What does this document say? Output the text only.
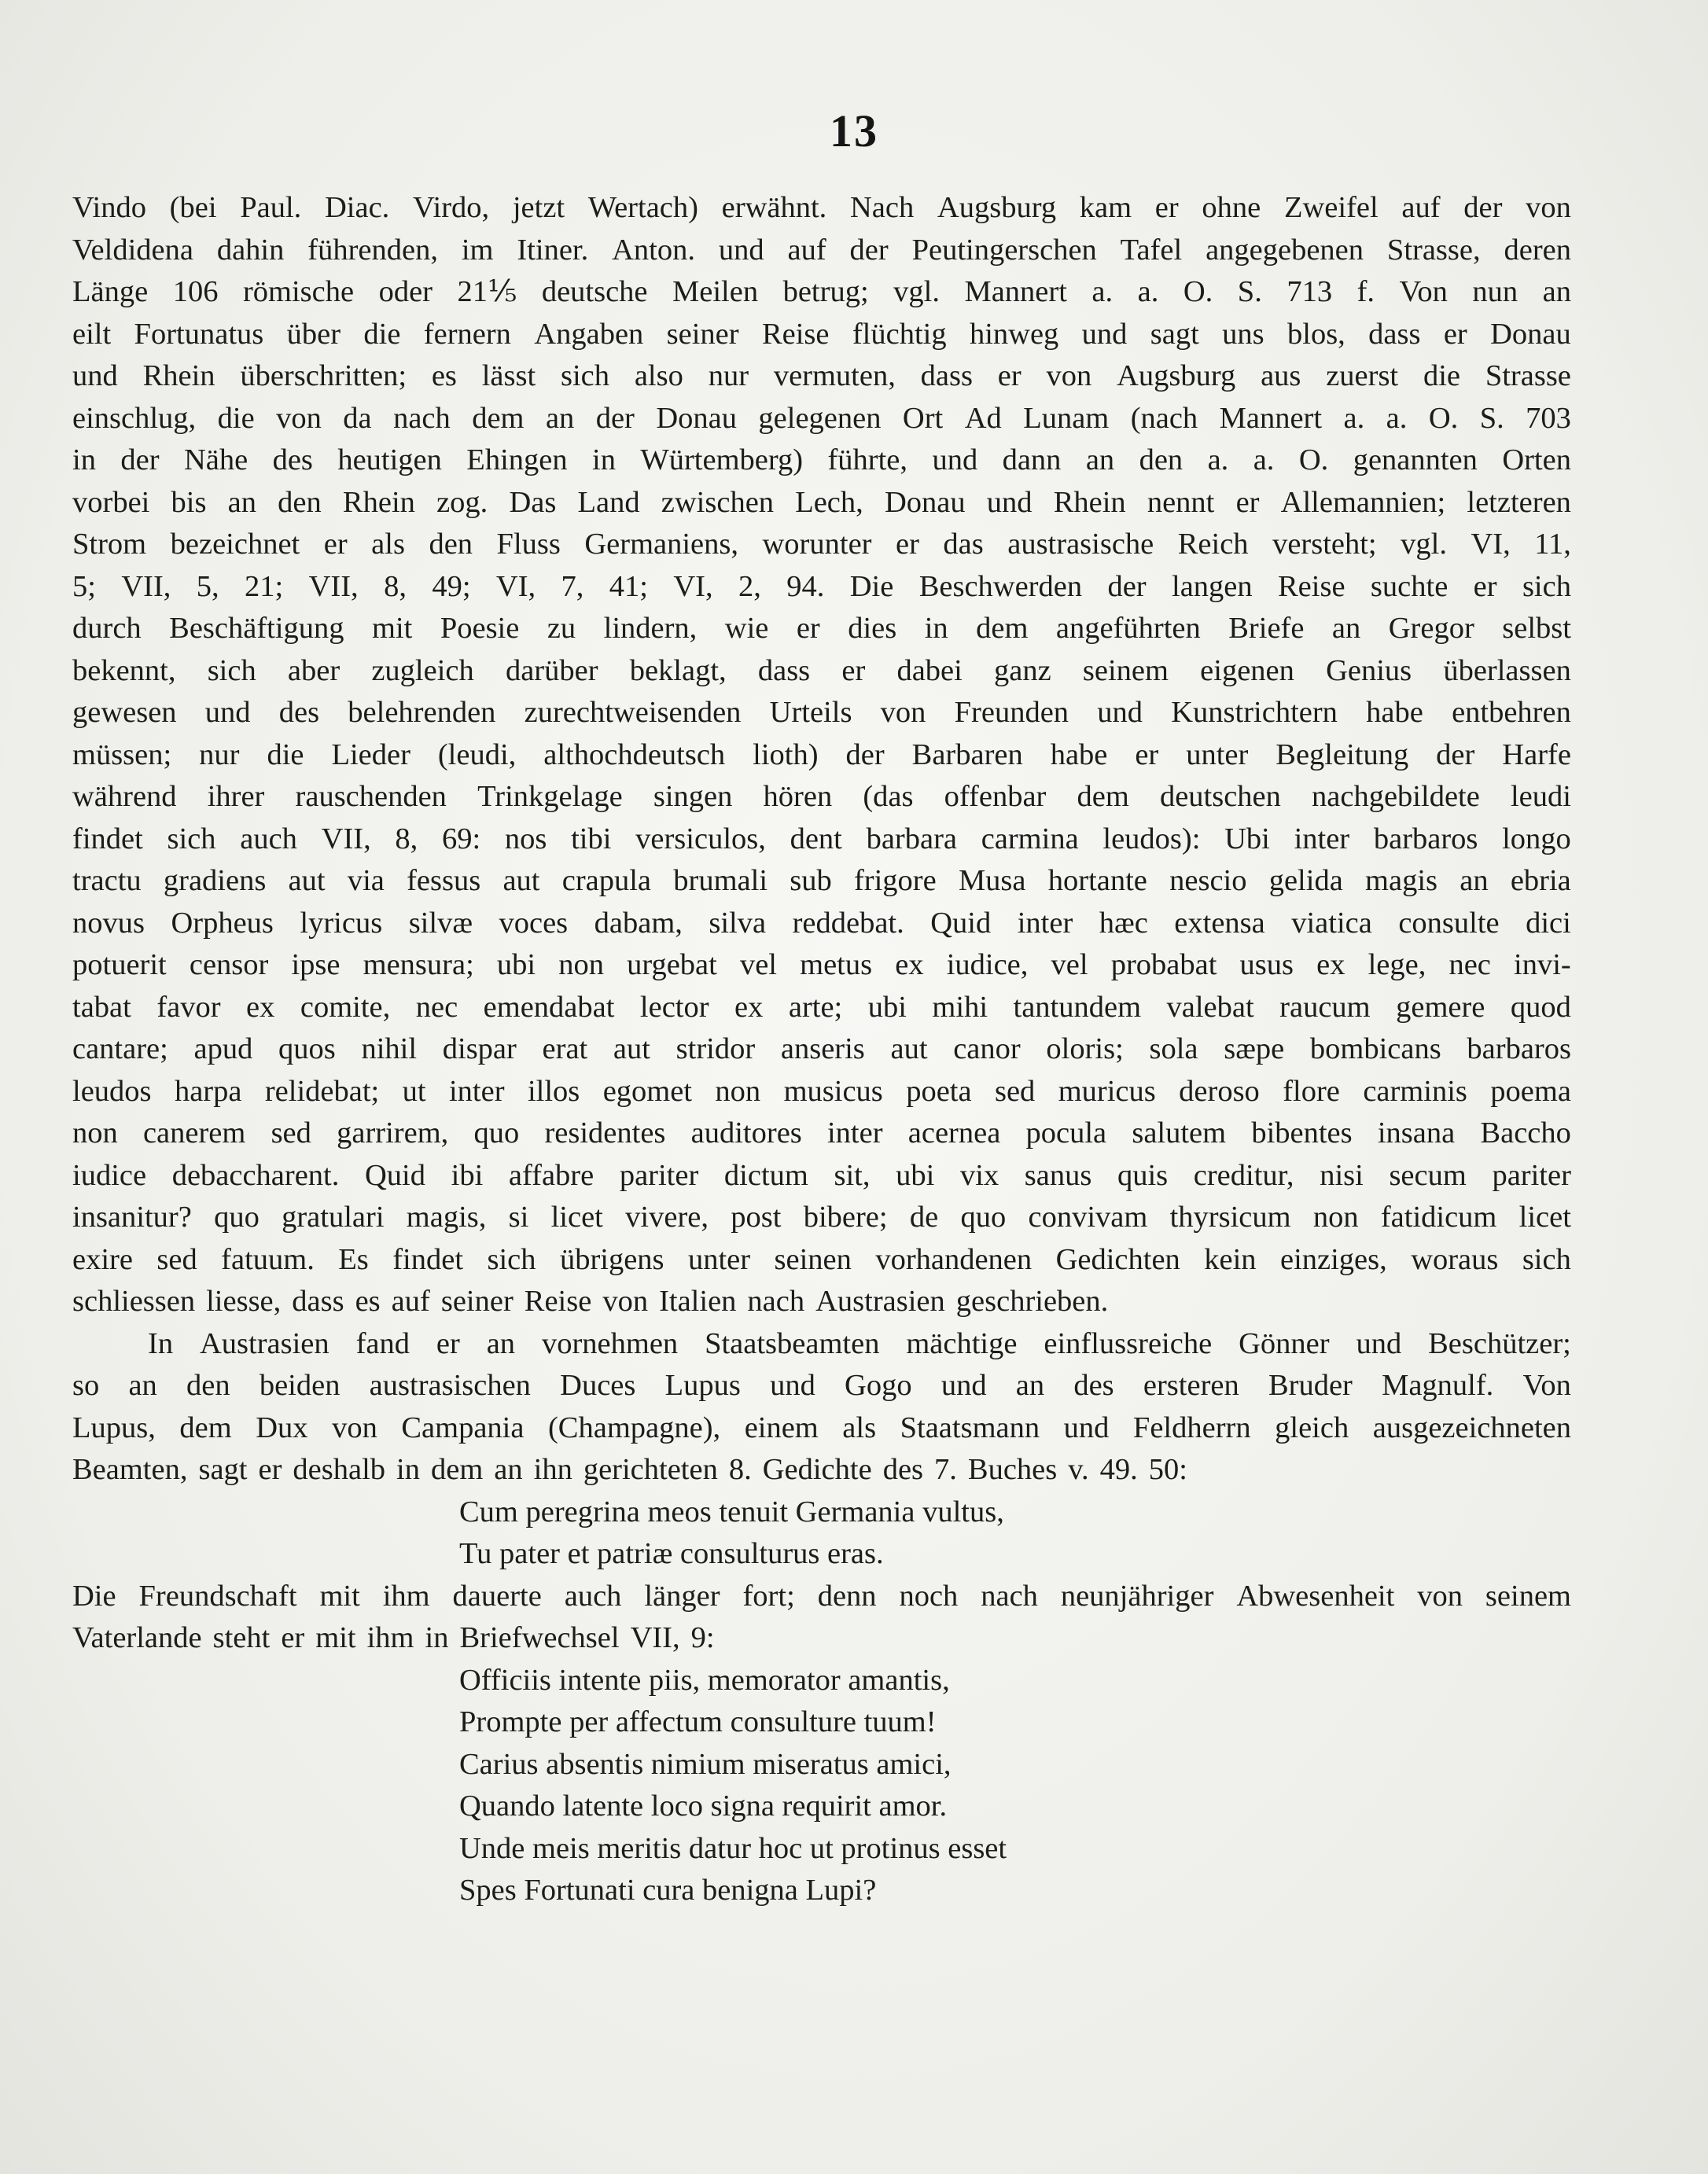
13
Vindo (bei Paul. Diac. Virdo, jetzt Wertach) erwähnt. Nach Augsburg kam er ohne Zweifel auf der von
Veldidena dahin führenden, im Itiner. Anton. und auf der Peutingerschen Tafel angegebenen Strasse, deren
Länge 106 römische oder 21⅕ deutsche Meilen betrug; vgl. Mannert a. a. O. S. 713 f. Von nun an
eilt Fortunatus über die fernern Angaben seiner Reise flüchtig hinweg und sagt uns blos, dass er Donau
und Rhein überschritten; es lässt sich also nur vermuten, dass er von Augsburg aus zuerst die Strasse
einschlug, die von da nach dem an der Donau gelegenen Ort Ad Lunam (nach Mannert a. a. O. S. 703
in der Nähe des heutigen Ehingen in Würtemberg) führte, und dann an den a. a. O. genannten Orten
vorbei bis an den Rhein zog. Das Land zwischen Lech, Donau und Rhein nennt er Allemannien; letzteren
Strom bezeichnet er als den Fluss Germaniens, worunter er das austrasische Reich versteht; vgl. VI, 11,
5; VII, 5, 21; VII, 8, 49; VI, 7, 41; VI, 2, 94. Die Beschwerden der langen Reise suchte er sich
durch Beschäftigung mit Poesie zu lindern, wie er dies in dem angeführten Briefe an Gregor selbst
bekennt, sich aber zugleich darüber beklagt, dass er dabei ganz seinem eigenen Genius überlassen
gewesen und des belehrenden zurechtweisenden Urteils von Freunden und Kunstrichtern habe entbehren
müssen; nur die Lieder (leudi, althochdeutsch lioth) der Barbaren habe er unter Begleitung der Harfe
während ihrer rauschenden Trinkgelage singen hören (das offenbar dem deutschen nachgebildete leudi
findet sich auch VII, 8, 69: nos tibi versiculos, dent barbara carmina leudos): Ubi inter barbaros longo
tractu gradiens aut via fessus aut crapula brumali sub frigore Musa hortante nescio gelida magis an ebria
novus Orpheus lyricus silvæ voces dabam, silva reddebat. Quid inter hæc extensa viatica consulte dici
potuerit censor ipse mensura; ubi non urgebat vel metus ex iudice, vel probabat usus ex lege, nec invi-
tabat favor ex comite, nec emendabat lector ex arte; ubi mihi tantundem valebat raucum gemere quod
cantare; apud quos nihil dispar erat aut stridor anseris aut canor oloris; sola sæpe bombicans barbaros
leudos harpa relidebat; ut inter illos egomet non musicus poeta sed muricus deroso flore carminis poema
non canerem sed garrirem, quo residentes auditores inter acernea pocula salutem bibentes insana Baccho
iudice debaccharent. Quid ibi affabre pariter dictum sit, ubi vix sanus quis creditur, nisi secum pariter
insanitur? quo gratulari magis, si licet vivere, post bibere; de quo convivam thyrsicum non fatidicum licet
exire sed fatuum. Es findet sich übrigens unter seinen vorhandenen Gedichten kein einziges, woraus sich
schliessen liesse, dass es auf seiner Reise von Italien nach Austrasien geschrieben.
In Austrasien fand er an vornehmen Staatsbeamten mächtige einflussreiche Gönner und Beschützer;
so an den beiden austrasischen Duces Lupus und Gogo und an des ersteren Bruder Magnulf. Von
Lupus, dem Dux von Campania (Champagne), einem als Staatsmann und Feldherrn gleich ausgezeichneten
Beamten, sagt er deshalb in dem an ihn gerichteten 8. Gedichte des 7. Buches v. 49. 50:
Cum peregrina meos tenuit Germania vultus,
Tu pater et patriæ consulturus eras.
Die Freundschaft mit ihm dauerte auch länger fort; denn noch nach neunjähriger Abwesenheit von seinem
Vaterlande steht er mit ihm in Briefwechsel VII, 9:
Officiis intente piis, memorator amantis,
Prompte per affectum consulture tuum!
Carius absentis nimium miseratus amici,
Quando latente loco signa requirit amor.
Unde meis meritis datur hoc ut protinus esset
Spes Fortunati cura benigna Lupi?
